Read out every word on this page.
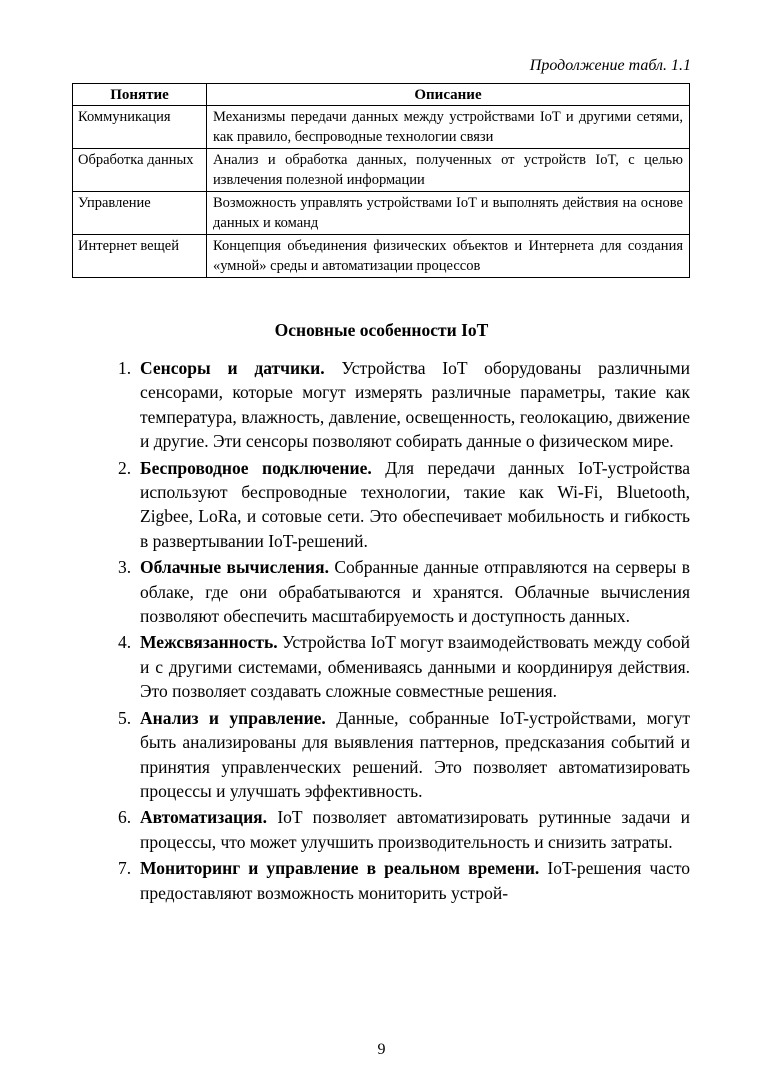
Продолжение табл. 1.1
Понятие	Описание
Коммуникация	Механизмы передачи данных между устройствами IoT и другими сетями, как правило, беспроводные технологии связи
Обработка данных	Анализ и обработка данных, полученных от устройств IoT, с целью извлечения полезной информации
Управление	Возможность управлять устройствами IoT и выполнять действия на основе данных и команд
Интернет вещей	Концепция объединения физических объектов и Интернета для создания «умной» среды и автоматизации процессов
Основные особенности IoT
1. Сенсоры и датчики. Устройства IoT оборудованы различными сенсорами, которые могут измерять различные параметры, такие как температура, влажность, давление, освещенность, геолокацию, движение и другие. Эти сенсоры позволяют собирать данные о физическом мире.
2. Беспроводное подключение. Для передачи данных IoT-устройства используют беспроводные технологии, такие как Wi-Fi, Bluetooth, Zigbee, LoRa, и сотовые сети. Это обеспечивает мобильность и гибкость в развертывании IoT-решений.
3. Облачные вычисления. Собранные данные отправляются на серверы в облаке, где они обрабатываются и хранятся. Облачные вычисления позволяют обеспечить масштабируемость и доступность данных.
4. Межсвязанность. Устройства IoT могут взаимодействовать между собой и с другими системами, обмениваясь данными и координируя действия. Это позволяет создавать сложные совместные решения.
5. Анализ и управление. Данные, собранные IoT-устройствами, могут быть анализированы для выявления паттернов, предсказания событий и принятия управленческих решений. Это позволяет автоматизировать процессы и улучшать эффективность.
6. Автоматизация. IoT позволяет автоматизировать рутинные задачи и процессы, что может улучшить производительность и снизить затраты.
7. Мониторинг и управление в реальном времени. IoT-решения часто предоставляют возможность мониторить устрой-
9
